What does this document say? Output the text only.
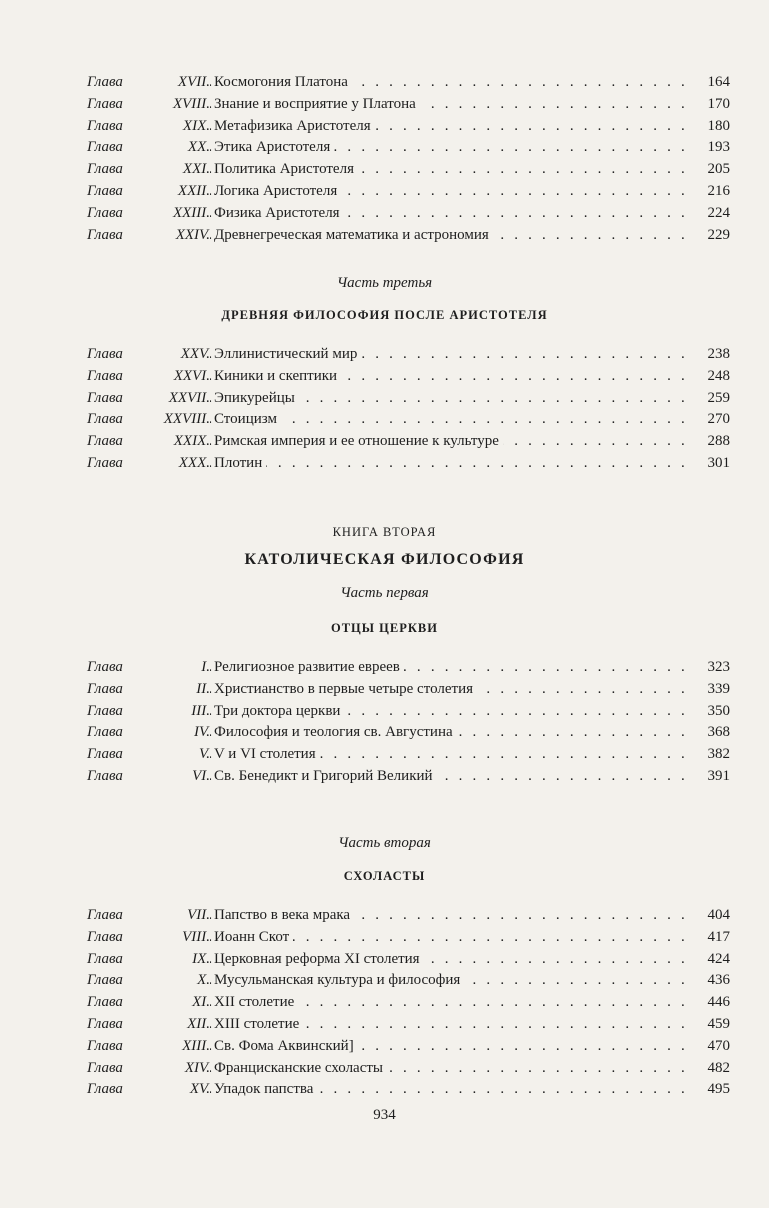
Глава	XVII. Космогония Платона . . .	164
Глава	XVIII. Знание и восприятие у Платона . . .	170
Глава	XIX. Метафизика Аристотеля . . .	180
Глава	XX. Этика Аристотеля . . .	193
Глава	XXI. Политика Аристотеля . . .	205
Глава	XXII. Логика Аристотеля . . .	216
Глава	XXIII. Физика Аристотеля . . .	224
Глава	XXIV. Древнегреческая математика и астрономия . . .	229
Часть третья
ДРЕВНЯЯ ФИЛОСОФИЯ ПОСЛЕ АРИСТОТЕЛЯ
Глава	XXV. Эллинистический мир . . .	238
Глава	XXVI. Киники и скептики . . .	248
Глава	XXVII. Эпикурейцы . . .	259
Глава	XXVIII. Стоицизм . . .	270
Глава	XXIX. Римская империя и ее отношение к культуре . . .	288
Глава	XXX. Плотин . . .	301
КНИГА ВТОРАЯ
КАТОЛИЧЕСКАЯ ФИЛОСОФИЯ
Часть первая
ОТЦЫ ЦЕРКВИ
Глава	I. Религиозное развитие евреев . . .	323
Глава	II. Христианство в первые четыре столетия . . .	339
Глава	III. Три доктора церкви . . .	350
Глава	IV. Философия и теология св. Августина . . .	368
Глава	V. V и VI столетия . . .	382
Глава	VI. Св. Бенедикт и Григорий Великий . . .	391
Часть вторая
СХОЛАСТЫ
Глава	VII. Папство в века мрака . . .	404
Глава	VIII. Иоанн Скот . . .	417
Глава	IX. Церковная реформа XI столетия . . .	424
Глава	X. Мусульманская культура и философия . . .	436
Глава	XI. XII столетие . . .	446
Глава	XII. XIII столетие . . .	459
Глава	XIII. Св. Фома Аквинский] . . .	470
Глава	XIV. Францисканские схоласты . . .	482
Глава	XV. Упадок папства . . .	495
934
